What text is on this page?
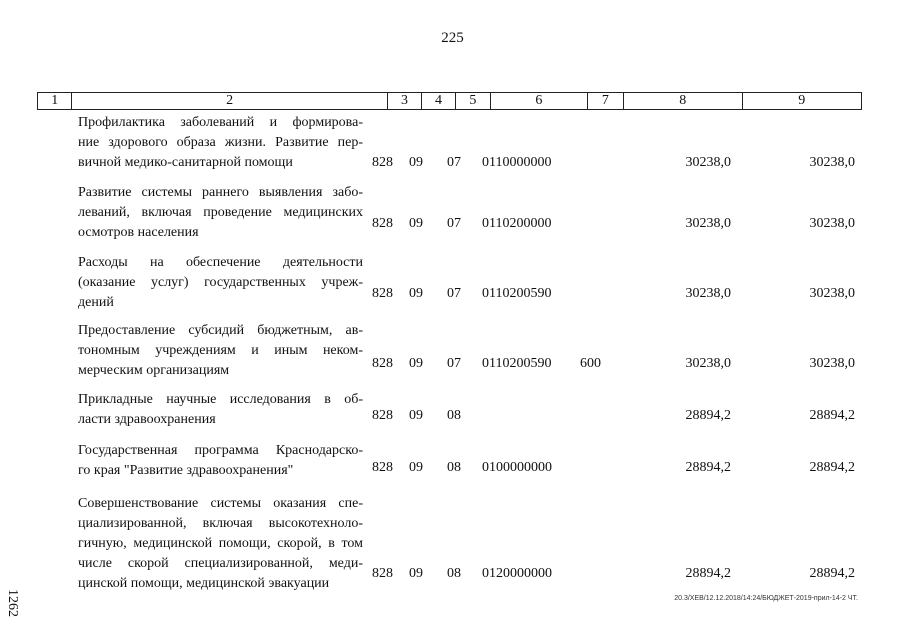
225
1	2	3	4	5	6	7	8	9
Профилактика заболеваний и формирова-
ние здорового образа жизни. Развитие пер-
вичной медико-санитарной помощи	828 09 07 0110000000	30238,0	30238,0
Развитие системы раннего выявления забо-
леваний, включая проведение медицинских
осмотров населения
828 09 07 0110200000	30238,0	30238,0
Расходы на обеспечение деятельности
(оказание услуг) государственных учреж-
дений
828 09 07 0110200590	30238,0	30238,0
Предоставление субсидий бюджетным, ав-
тономным учреждениям и иным неком-
мерческим организациям	828 09 07 0110200590 600	30238,0	30238,0
Прикладные научные исследования в об-
ласти здравоохранения	828 09 08	28894,2	28894,2
Государственная программа Краснодарско-
го края "Развитие здравоохранения"	828 09 08 0100000000	28894,2	28894,2
Совершенствование системы оказания спе-
циализированной, включая высокотехноло-
гичную, медицинской помощи, скорой, в том
числе скорой специализированной, меди-
цинской помощи, медицинской эвакуации
828 09 08 0120000000	28894,2	28894,2
1262	20.3/ХЕВ/12.12.2018/14:24/БЮДЖЕТ-2019-прил-14-2 ЧТ.
